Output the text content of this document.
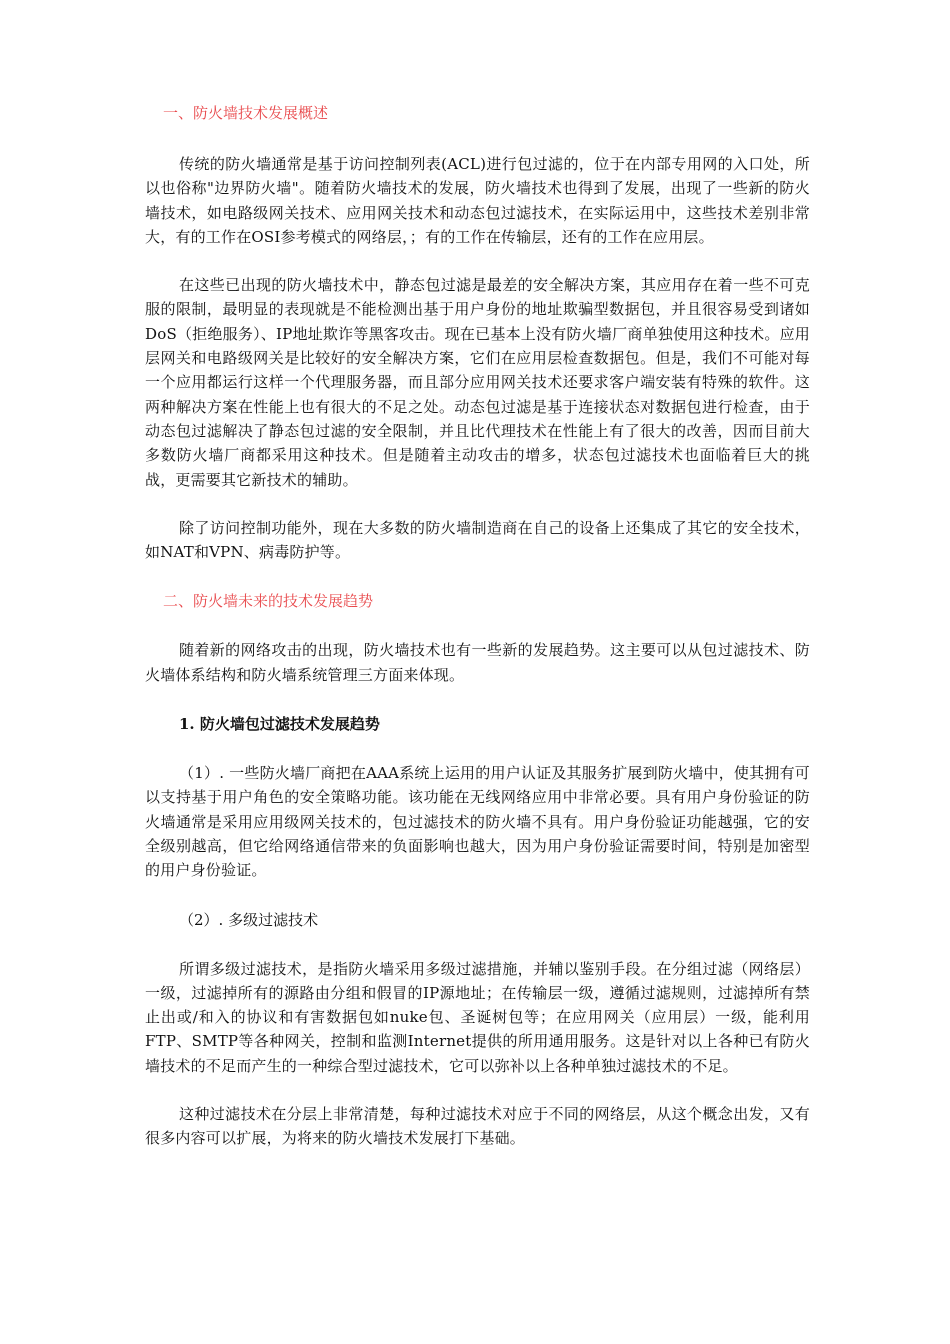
一、防火墙技术发展概述

传统的防火墙通常是基于访问控制列表(ACL)进行包过滤的，位于在内部专用网的入口处，所以也俗称"边界防火墙"。随着防火墙技术的发展，防火墙技术也得到了发展，出现了一些新的防火墙技术，如电路级网关技术、应用网关技术和动态包过滤技术，在实际运用中，这些技术差别非常大，有的工作在OSI参考模式的网络层，；有的工作在传输层，还有的工作在应用层。

在这些已出现的防火墙技术中，静态包过滤是最差的安全解决方案，其应用存在着一些不可克服的限制，最明显的表现就是不能检测出基于用户身份的地址欺骗型数据包，并且很容易受到诸如DoS（拒绝服务）、IP地址欺诈等黑客攻击。现在已基本上没有防火墙厂商单独使用这种技术。应用层网关和电路级网关是比较好的安全解决方案，它们在应用层检查数据包。但是，我们不可能对每一个应用都运行这样一个代理服务器，而且部分应用网关技术还要求客户端安装有特殊的软件。这两种解决方案在性能上也有很大的不足之处。动态包过滤是基于连接状态对数据包进行检查，由于动态包过滤解决了静态包过滤的安全限制，并且比代理技术在性能上有了很大的改善，因而目前大多数防火墙厂商都采用这种技术。但是随着主动攻击的增多，状态包过滤技术也面临着巨大的挑战，更需要其它新技术的辅助。

除了访问控制功能外，现在大多数的防火墙制造商在自己的设备上还集成了其它的安全技术，如NAT和VPN、病毒防护等。

二、防火墙未来的技术发展趋势

随着新的网络攻击的出现，防火墙技术也有一些新的发展趋势。这主要可以从包过滤技术、防火墙体系结构和防火墙系统管理三方面来体现。

1. 防火墙包过滤技术发展趋势

（1）. 一些防火墙厂商把在AAA系统上运用的用户认证及其服务扩展到防火墙中，使其拥有可以支持基于用户角色的安全策略功能。该功能在无线网络应用中非常必要。具有用户身份验证的防火墙通常是采用应用级网关技术的，包过滤技术的防火墙不具有。用户身份验证功能越强，它的安全级别越高，但它给网络通信带来的负面影响也越大，因为用户身份验证需要时间，特别是加密型的用户身份验证。

（2）. 多级过滤技术

所谓多级过滤技术，是指防火墙采用多级过滤措施，并辅以鉴别手段。在分组过滤（网络层）一级，过滤掉所有的源路由分组和假冒的IP源地址；在传输层一级，遵循过滤规则，过滤掉所有禁止出或/和入的协议和有害数据包如nuke包、圣诞树包等；在应用网关（应用层）一级，能利用FTP、SMTP等各种网关，控制和监测Internet提供的所用通用服务。这是针对以上各种已有防火墙技术的不足而产生的一种综合型过滤技术，它可以弥补以上各种单独过滤技术的不足。

这种过滤技术在分层上非常清楚，每种过滤技术对应于不同的网络层，从这个概念出发，又有很多内容可以扩展，为将来的防火墙技术发展打下基础。
